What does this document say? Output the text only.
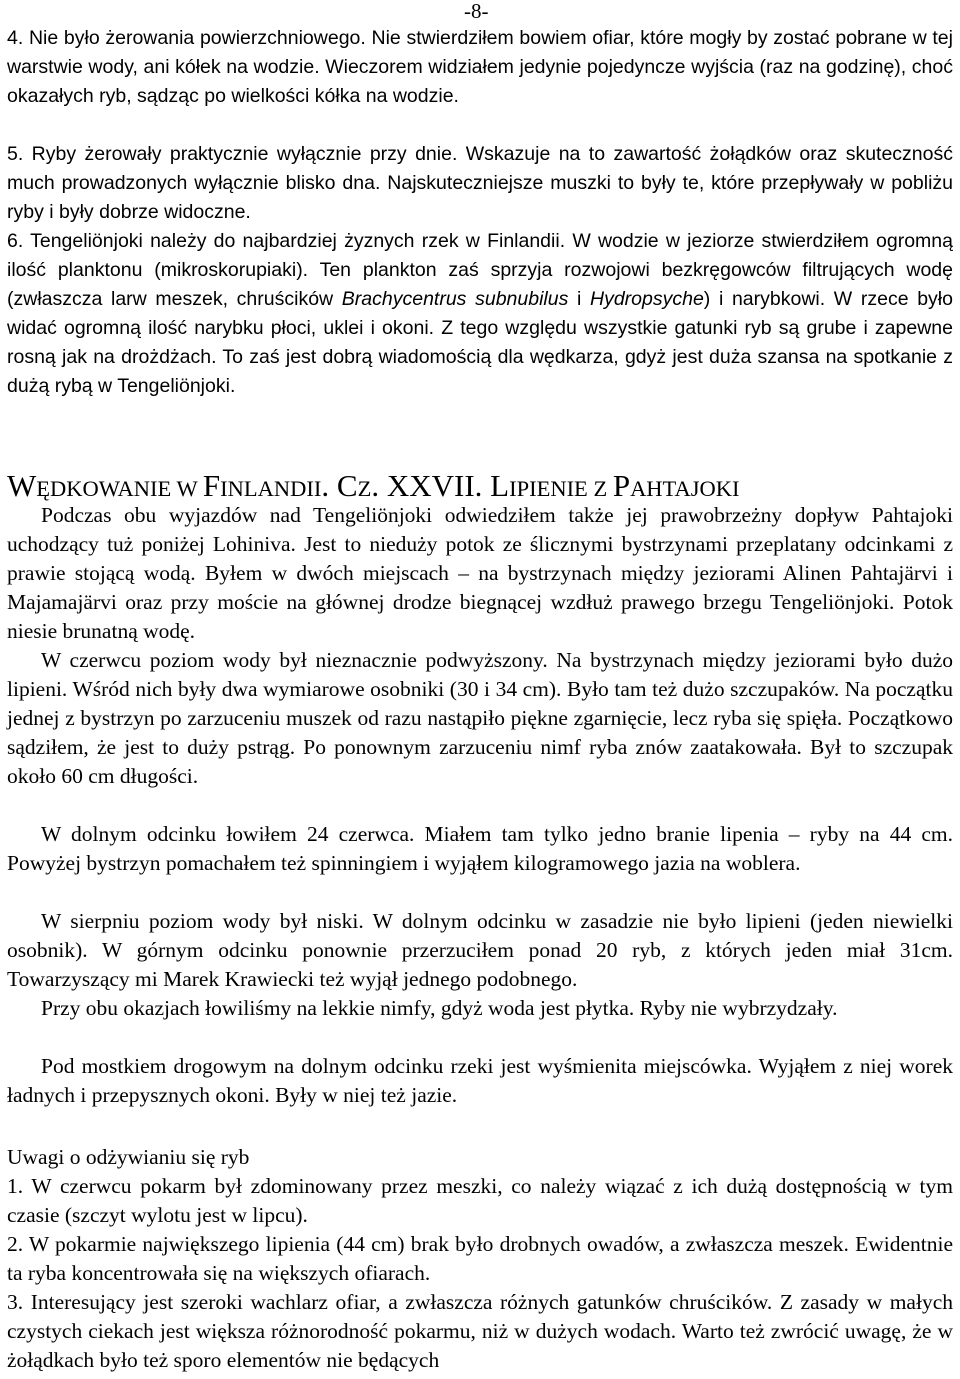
-8-

4. Nie było żerowania powierzchniowego. Nie stwierdziłem bowiem ofiar, które mogły by zostać pobrane w tej warstwie wody, ani kółek na wodzie. Wieczorem widziałem jedynie pojedyncze wyjścia (raz na godzinę), choć okazałych ryb, sądząc po wielkości kółka na wodzie.

5. Ryby żerowały praktycznie wyłącznie przy dnie. Wskazuje na to zawartość żołądków oraz skuteczność much prowadzonych wyłącznie blisko dna. Najskuteczniejsze muszki to były te, które przepływały w pobliżu ryby i były dobrze widoczne.

6. Tengeliönjoki należy do najbardziej żyznych rzek w Finlandii. W wodzie w jeziorze stwierdziłem ogromną ilość planktonu (mikroskorupiaki). Ten plankton zaś sprzyja rozwojowi bezkręgowców filtrujących wodę (zwłaszcza larw meszek, chruścików Brachycentrus subnubilus i Hydropsyche) i narybkowi. W rzece było widać ogromną ilość narybku płoci, uklei i okoni. Z tego względu wszystkie gatunki ryb są grube i zapewne rosną jak na drożdżach. To zaś jest dobrą wiadomością dla wędkarza, gdyż jest duża szansa na spotkanie z dużą rybą w Tengeliönjoki.

WĘDKOWANIE W FINLANDII. CZ. XXVII. LIPIENIE Z PAHTAJOKI

Podczas obu wyjazdów nad Tengeliönjoki odwiedziłem także jej prawobrzeżny dopływ Pahtajoki uchodzący tuż poniżej Lohiniva. Jest to nieduży potok ze ślicznymi bystrzynami przeplatany odcinkami z prawie stojącą wodą. Byłem w dwóch miejscach – na bystrzynach między jeziorami Alinen Pahtajärvi i Majamajärvi oraz przy moście na głównej drodze biegnącej wzdłuż prawego brzegu Tengeliönjoki. Potok niesie brunatną wodę.

W czerwcu poziom wody był nieznacznie podwyższony. Na bystrzynach między jeziorami było dużo lipieni. Wśród nich były dwa wymiarowe osobniki (30 i 34 cm). Było tam też dużo szczupaków. Na początku jednej z bystrzyn po zarzuceniu muszek od razu nastąpiło piękne zgarnięcie, lecz ryba się spięła. Początkowo sądziłem, że jest to duży pstrąg. Po ponownym zarzuceniu nimf ryba znów zaatakowała. Był to szczupak około 60 cm długości.

W dolnym odcinku łowiłem 24 czerwca. Miałem tam tylko jedno branie lipenia – ryby na 44 cm. Powyżej bystrzyn pomachałem też spinningiem i wyjąłem kilogramowego jazia na woblera.

W sierpniu poziom wody był niski. W dolnym odcinku w zasadzie nie było lipieni (jeden niewielki osobnik). W górnym odcinku ponownie przerzuciłem ponad 20 ryb, z których jeden miał 31cm. Towarzyszący mi Marek Krawiecki też wyjął jednego podobnego.

Przy obu okazjach łowiliśmy na lekkie nimfy, gdyż woda jest płytka. Ryby nie wybrzydzały.

Pod mostkiem drogowym na dolnym odcinku rzeki jest wyśmienita miejscówka. Wyjąłem z niej worek ładnych i przepysznych okoni. Były w niej też jazie.

Uwagi o odżywianiu się ryb

1. W czerwcu pokarm był zdominowany przez meszki, co należy wiązać z ich dużą dostępnością w tym czasie (szczyt wylotu jest w lipcu).

2. W pokarmie największego lipienia (44 cm) brak było drobnych owadów, a zwłaszcza meszek. Ewidentnie ta ryba koncentrowała się na większych ofiarach.

3. Interesujący jest szeroki wachlarz ofiar, a zwłaszcza różnych gatunków chruścików. Z zasady w małych czystych ciekach jest większa różnorodność pokarmu, niż w dużych wodach. Warto też zwrócić uwagę, że w żołądkach było też sporo elementów nie będących
